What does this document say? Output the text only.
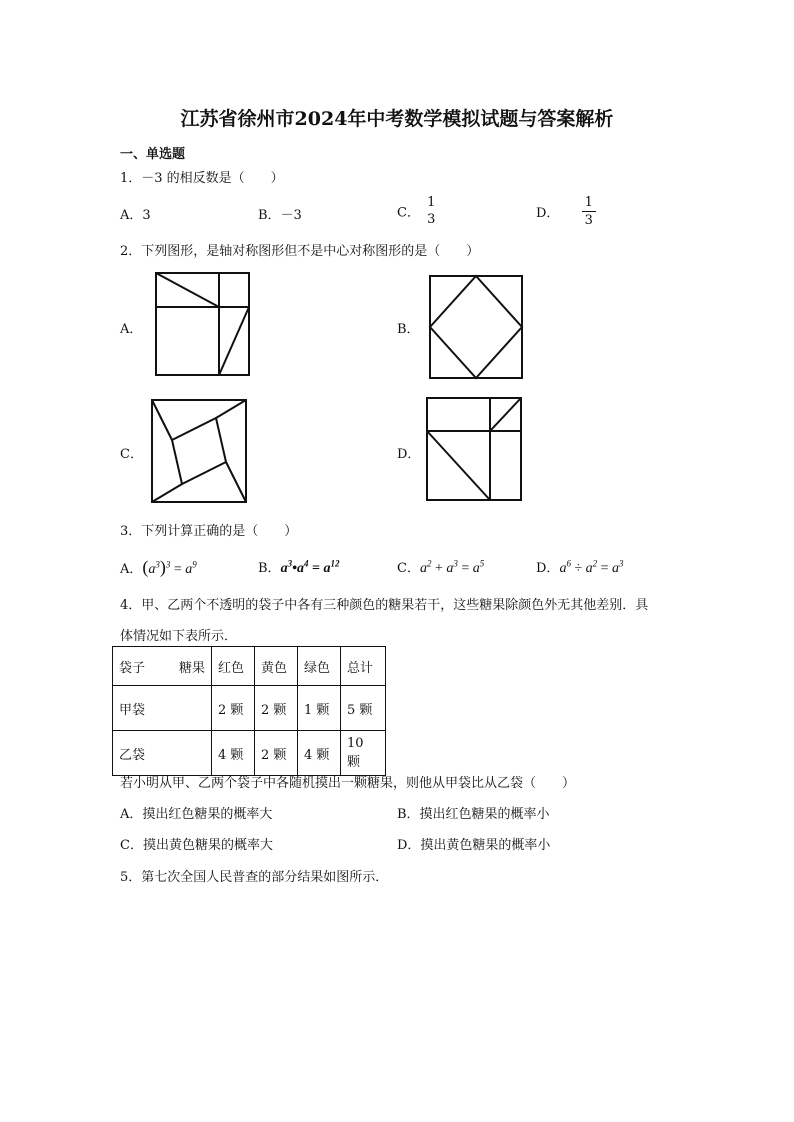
江苏省徐州市2024年中考数学模拟试题与答案解析
一、单选题
1．－3 的相反数是（　　）
A．3	B．－3	C．
1
3	D． $\frac{1}{3}$
2．下列图形，是轴对称图形但不是中心对称图形的是（　　）
A．	B．
C．	D．
3．下列计算正确的是（　　）
A．$(a^3)^3 = a^9$	B．$a^3•a^4 = a^{12}$	C．$a^2 + a^3 = a^5$	D．$a^6 \div a^2 = a^3$
4．甲、乙两个不透明的袋子中各有三种颜色的糖果若干，这些糖果除颜色外无其他差别．具
体情况如下表所示．
袋子 糖果	红色	黄色	绿色	总计
甲袋	2 颗	2 颗	1 颗	5 颗
乙袋	4 颗	2 颗	4 颗	10 颗
若小明从甲、乙两个袋子中各随机摸出一颗糖果，则他从甲袋比从乙袋（　　）
A．摸出红色糖果的概率大	B．摸出红色糖果的概率小
C．摸出黄色糖果的概率大	D．摸出黄色糖果的概率小
5．第七次全国人民普查的部分结果如图所示．
